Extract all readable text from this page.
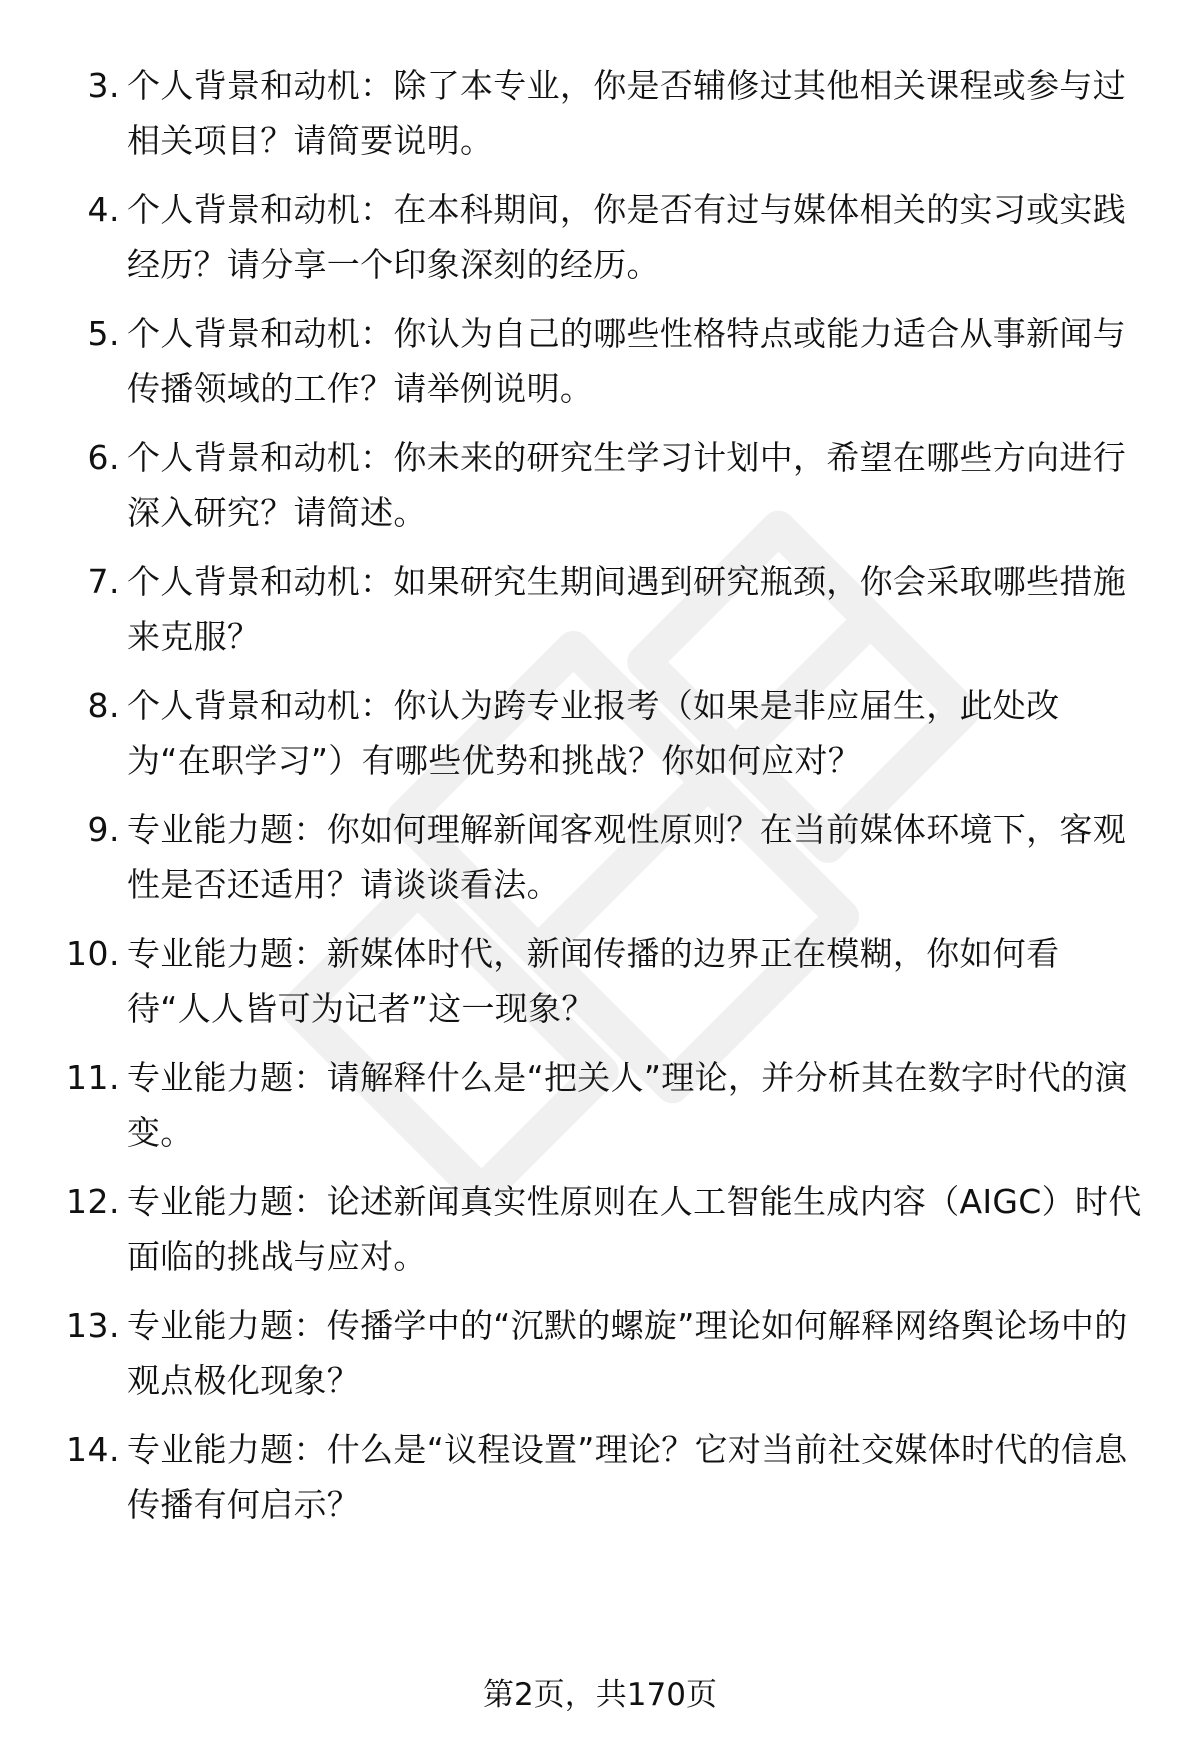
3. 个人背景和动机：除了本专业，你是否辅修过其他相关课程或参与过相关项目？请简要说明。
4. 个人背景和动机：在本科期间，你是否有过与媒体相关的实习或实践经历？请分享一个印象深刻的经历。
5. 个人背景和动机：你认为自己的哪些性格特点或能力适合从事新闻与传播领域的工作？请举例说明。
6. 个人背景和动机：你未来的研究生学习计划中，希望在哪些方向进行深入研究？请简述。
7. 个人背景和动机：如果研究生期间遇到研究瓶颈，你会采取哪些措施来克服？
8. 个人背景和动机：你认为跨专业报考（如果是非应届生，此处改为“在职学习”）有哪些优势和挑战？你如何应对？
9. 专业能力题：你如何理解新闻客观性原则？在当前媒体环境下，客观性是否还适用？请谈谈看法。
10. 专业能力题：新媒体时代，新闻传播的边界正在模糊，你如何看待“人人皆可为记者”这一现象？
11. 专业能力题：请解释什么是“把关人”理论，并分析其在数字时代的演变。
12. 专业能力题：论述新闻真实性原则在人工智能生成内容（AIGC）时代面临的挑战与应对。
13. 专业能力题：传播学中的“沉默的螺旋”理论如何解释网络舆论场中的观点极化现象？
14. 专业能力题：什么是“议程设置”理论？它对当前社交媒体时代的信息传播有何启示？
第2页，共170页
